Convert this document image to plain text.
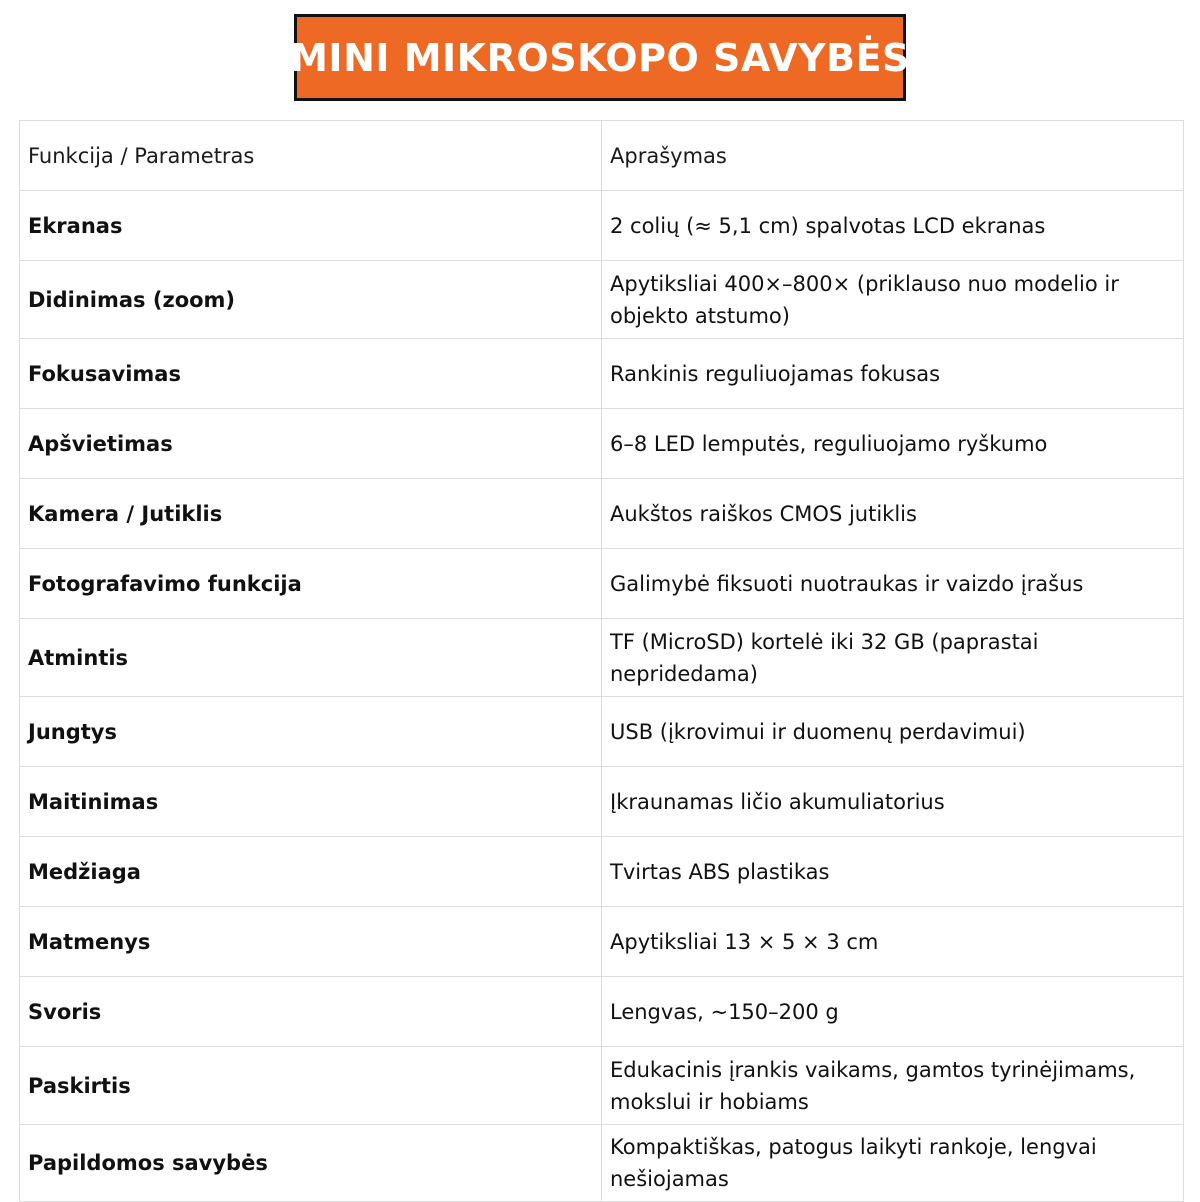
MINI MIKROSKOPO SAVYBĖS
Funkcija / Parametras	Aprašymas
Ekranas	2 colių (≈ 5,1 cm) spalvotas LCD ekranas
Didinimas (zoom)	Apytiksliai 400×–800× (priklauso nuo modelio ir objekto atstumo)
Fokusavimas	Rankinis reguliuojamas fokusas
Apšvietimas	6–8 LED lemputės, reguliuojamo ryškumo
Kamera / Jutiklis	Aukštos raiškos CMOS jutiklis
Fotografavimo funkcija	Galimybė fiksuoti nuotraukas ir vaizdo įrašus
Atmintis	TF (MicroSD) kortelė iki 32 GB (paprastai nepridedama)
Jungtys	USB (įkrovimui ir duomenų perdavimui)
Maitinimas	Įkraunamas ličio akumuliatorius
Medžiaga	Tvirtas ABS plastikas
Matmenys	Apytiksliai 13 × 5 × 3 cm
Svoris	Lengvas, ~150–200 g
Paskirtis	Edukacinis įrankis vaikams, gamtos tyrinėjimams, mokslui ir hobiams
Papildomos savybės	Kompaktiškas, patogus laikyti rankoje, lengvai nešiojamas
